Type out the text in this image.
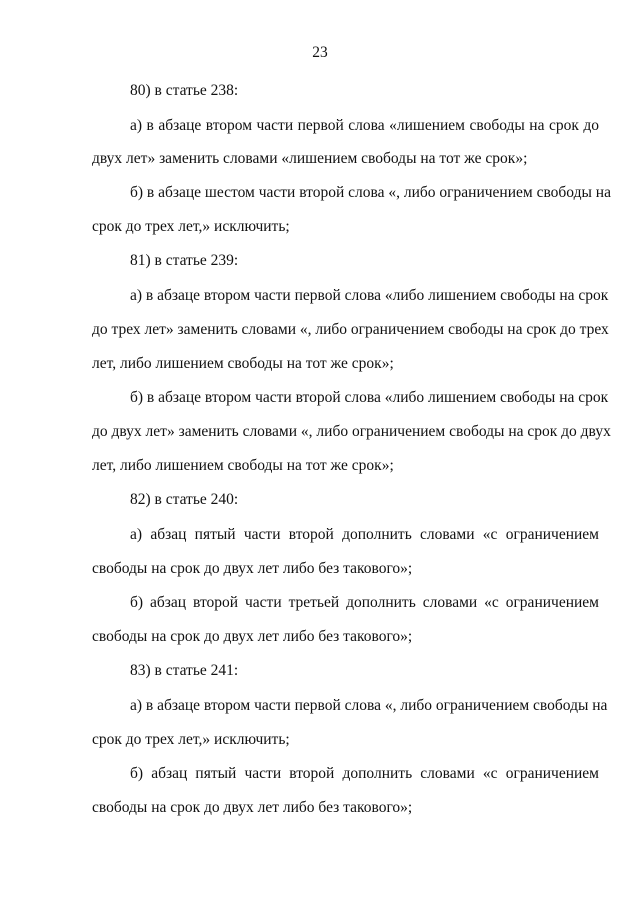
23
80) в статье 238:
а) в абзаце втором части первой слова «лишением свободы на срок до
двух лет» заменить словами «лишением свободы на тот же срок»;
б) в абзаце шестом части второй слова «, либо ограничением свободы на
срок до трех лет,» исключить;
81) в статье 239:
а) в абзаце втором части первой слова «либо лишением свободы на срок
до трех лет» заменить словами «, либо ограничением свободы на срок до трех
лет, либо лишением свободы на тот же срок»;
б) в абзаце втором части второй слова «либо лишением свободы на срок
до двух лет» заменить словами «, либо ограничением свободы на срок до двух
лет, либо лишением свободы на тот же срок»;
82) в статье 240:
а) абзац пятый части второй дополнить словами «с ограничением
свободы на срок до двух лет либо без такового»;
б) абзац второй части третьей дополнить словами «с ограничением
свободы на срок до двух лет либо без такового»;
83) в статье 241:
а) в абзаце втором части первой слова «, либо ограничением свободы на
срок до трех лет,» исключить;
б) абзац пятый части второй дополнить словами «с ограничением
свободы на срок до двух лет либо без такового»;
